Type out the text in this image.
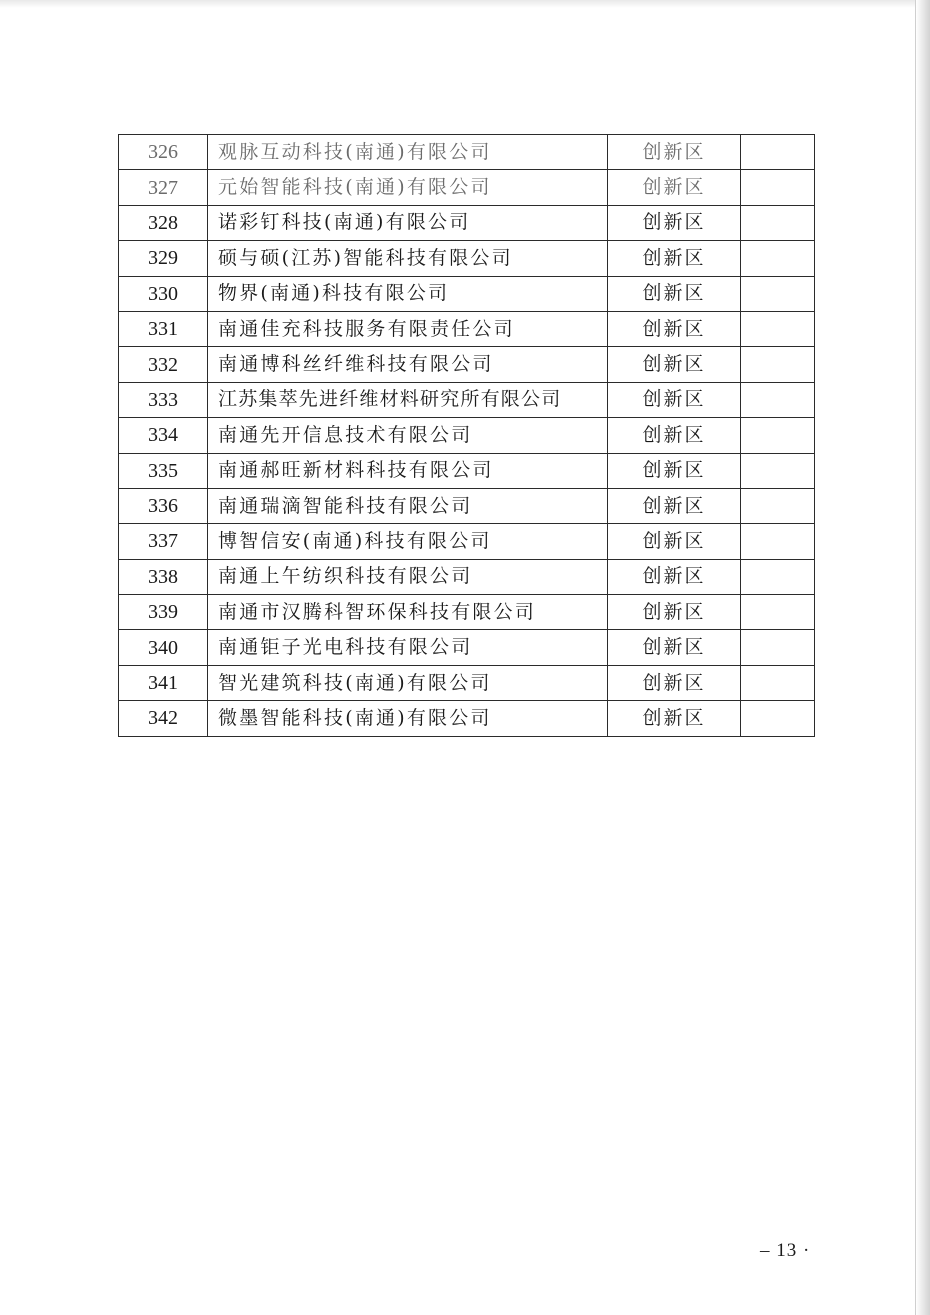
326	观脉互动科技(南通)有限公司	创新区	
327	元始智能科技(南通)有限公司	创新区	
328	诺彩钉科技(南通)有限公司	创新区	
329	硕与硕(江苏)智能科技有限公司	创新区	
330	物界(南通)科技有限公司	创新区	
331	南通佳充科技服务有限责任公司	创新区	
332	南通博科丝纤维科技有限公司	创新区	
333	江苏集萃先进纤维材料研究所有限公司	创新区	
334	南通先开信息技术有限公司	创新区	
335	南通郝旺新材料科技有限公司	创新区	
336	南通瑞滴智能科技有限公司	创新区	
337	博智信安(南通)科技有限公司	创新区	
338	南通上午纺织科技有限公司	创新区	
339	南通市汉腾科智环保科技有限公司	创新区	
340	南通钜子光电科技有限公司	创新区	
341	智光建筑科技(南通)有限公司	创新区	
342	微墨智能科技(南通)有限公司	创新区	
– 13 ·
